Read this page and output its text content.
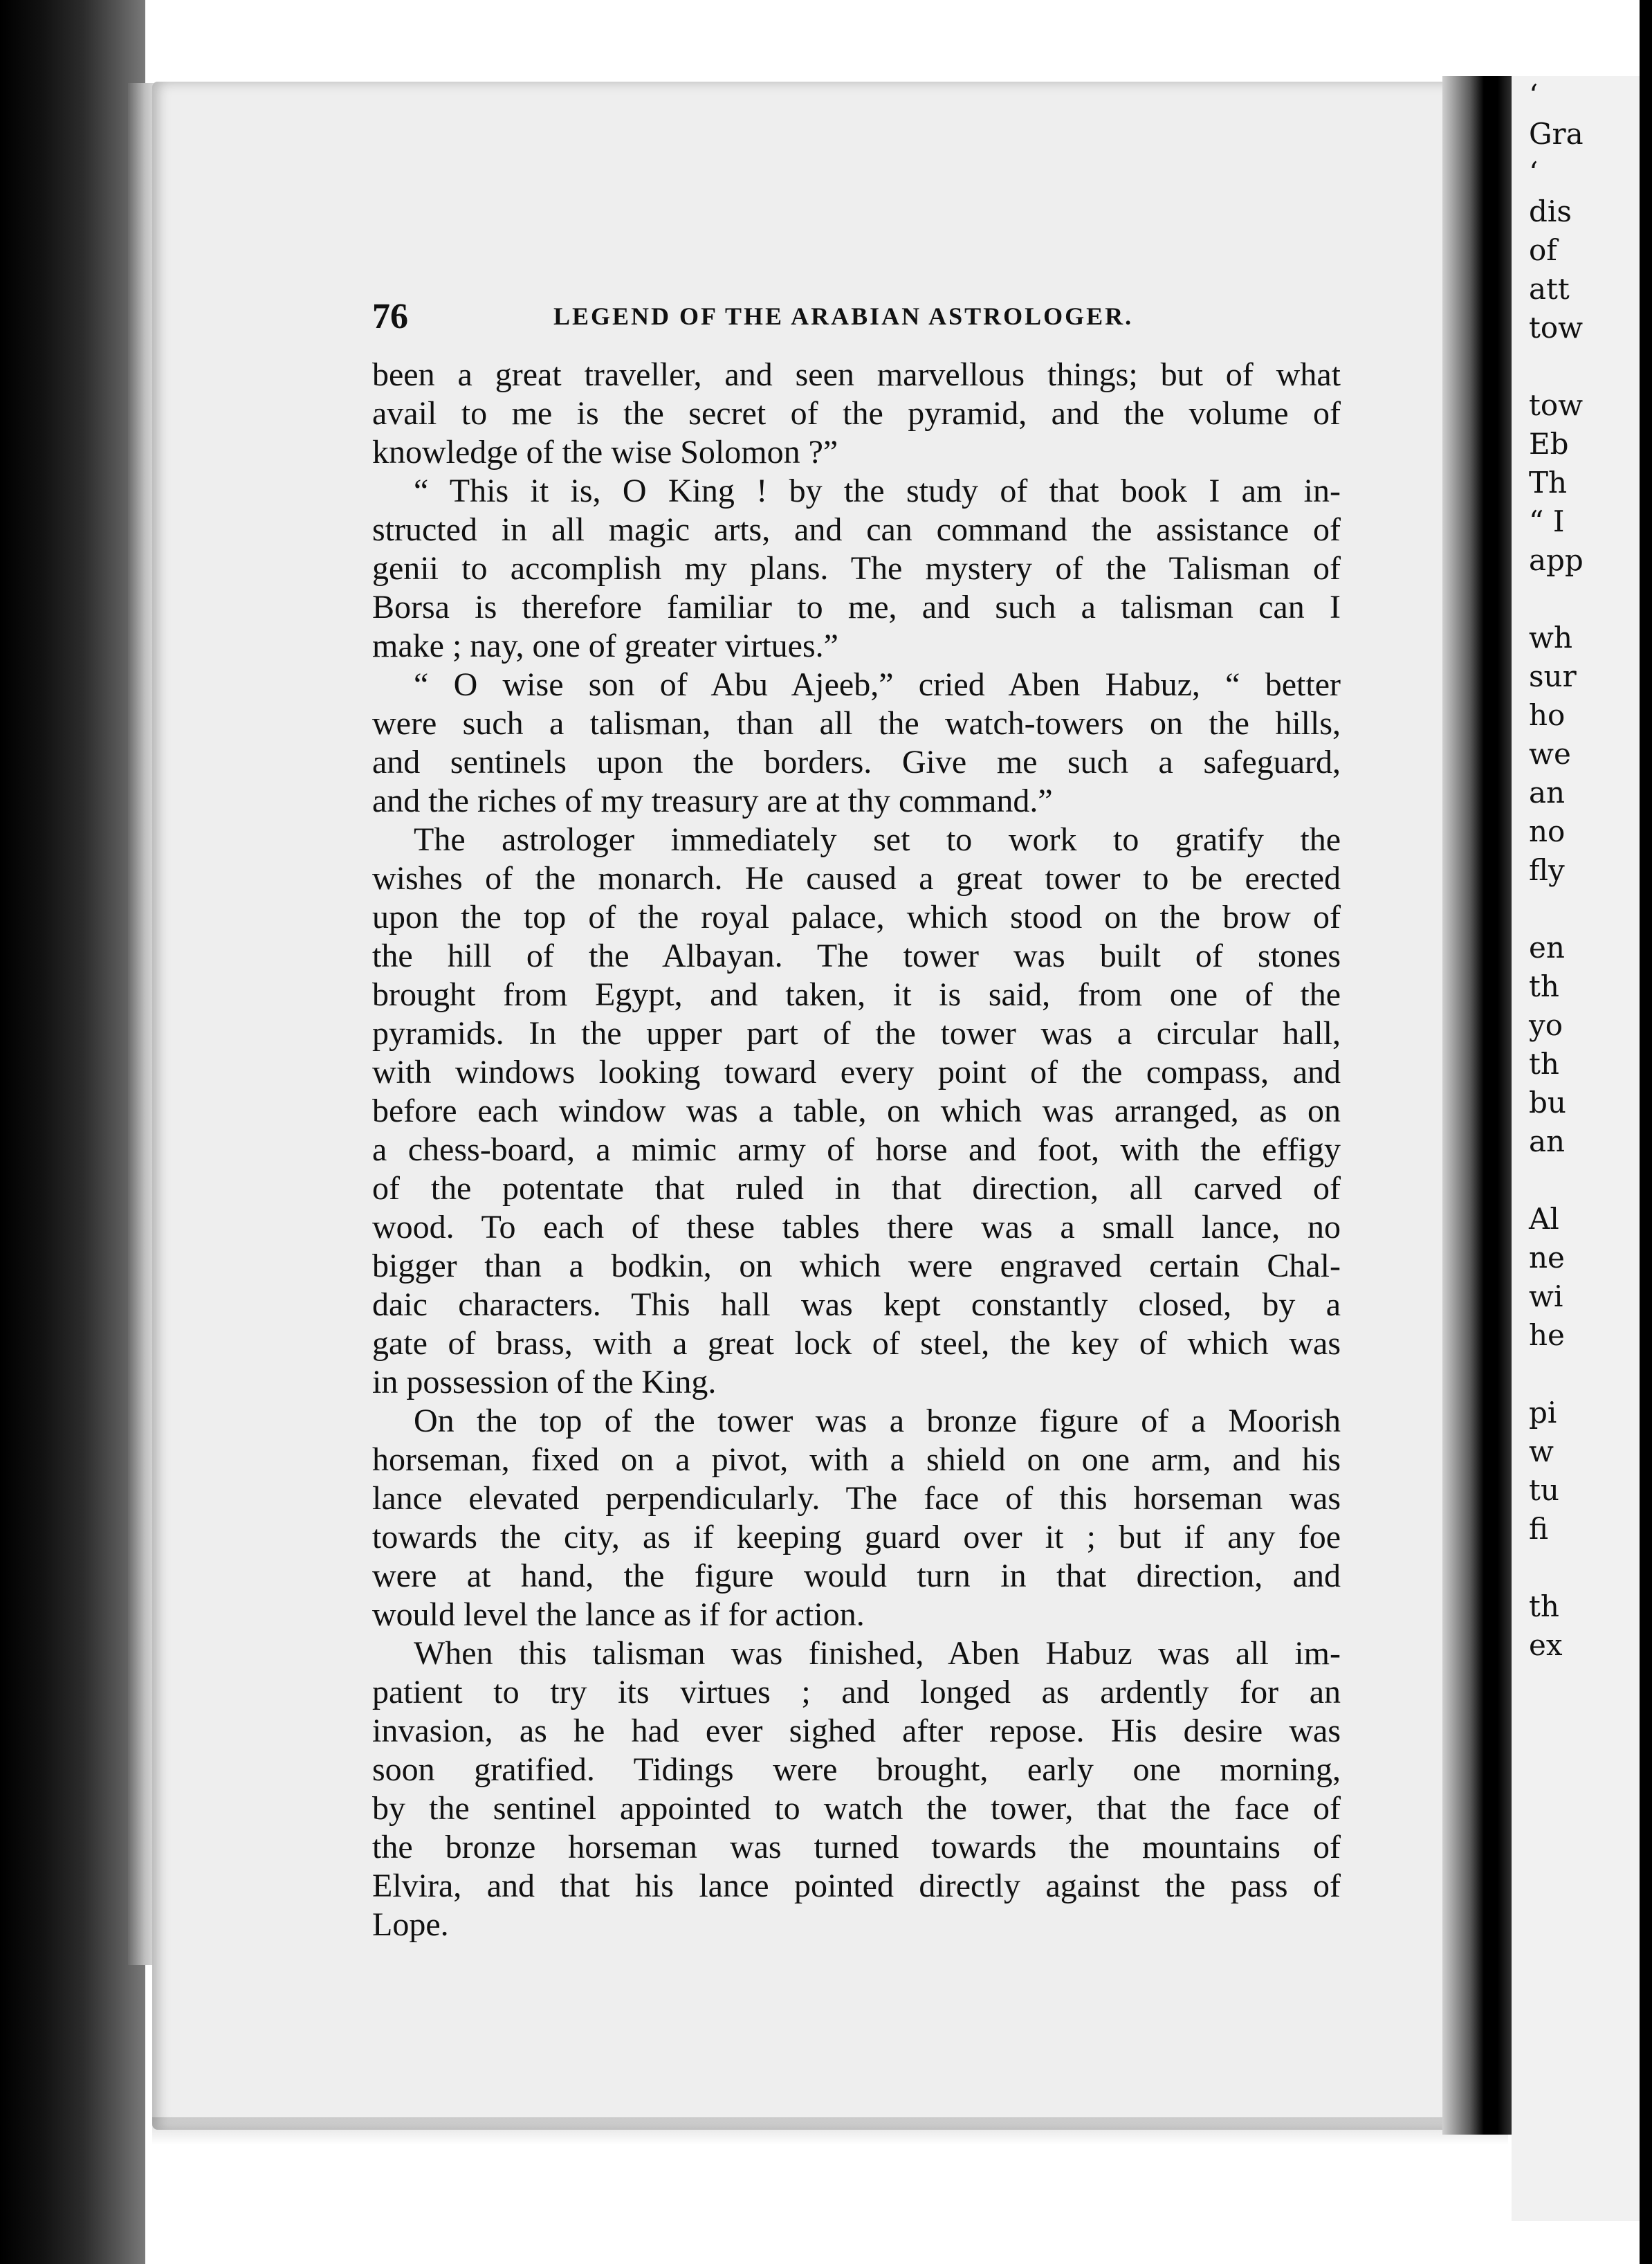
76	LEGEND OF THE ARABIAN ASTROLOGER.
been a great traveller, and seen marvellous things; but of what
avail to me is the secret of the pyramid, and the volume of
knowledge of the wise Solomon ?”
“ This it is, O King ! by the study of that book I am in-
structed in all magic arts, and can command the assistance of
genii to accomplish my plans. The mystery of the Talisman of
Borsa is therefore familiar to me, and such a talisman can I
make ; nay, one of greater virtues.”
“ O wise son of Abu Ajeeb,” cried Aben Habuz, “ better
were such a talisman, than all the watch-towers on the hills,
and sentinels upon the borders. Give me such a safeguard,
and the riches of my treasury are at thy command.”
The astrologer immediately set to work to gratify the
wishes of the monarch. He caused a great tower to be erected
upon the top of the royal palace, which stood on the brow of
the hill of the Albayan. The tower was built of stones
brought from Egypt, and taken, it is said, from one of the
pyramids. In the upper part of the tower was a circular hall,
with windows looking toward every point of the compass, and
before each window was a table, on which was arranged, as on
a chess-board, a mimic army of horse and foot, with the effigy
of the potentate that ruled in that direction, all carved of
wood. To each of these tables there was a small lance, no
bigger than a bodkin, on which were engraved certain Chal-
daic characters. This hall was kept constantly closed, by a
gate of brass, with a great lock of steel, the key of which was
in possession of the King.
On the top of the tower was a bronze figure of a Moorish
horseman, fixed on a pivot, with a shield on one arm, and his
lance elevated perpendicularly. The face of this horseman was
towards the city, as if keeping guard over it ; but if any foe
were at hand, the figure would turn in that direction, and
would level the lance as if for action.
When this talisman was finished, Aben Habuz was all im-
patient to try its virtues ; and longed as ardently for an
invasion, as he had ever sighed after repose. His desire was
soon gratified. Tidings were brought, early one morning,
by the sentinel appointed to watch the tower, that the face of
the bronze horseman was turned towards the mountains of
Elvira, and that his lance pointed directly against the pass of
Lope.
‘
Gra
‘
dis
of
att
tow
tow
Eb
Th
“ I
app
wh
sur
ho
we
an
no
fly
en
th
yo
th
bu
an
Al
ne
wi
he
pi
w
tu
fi
th
ex
